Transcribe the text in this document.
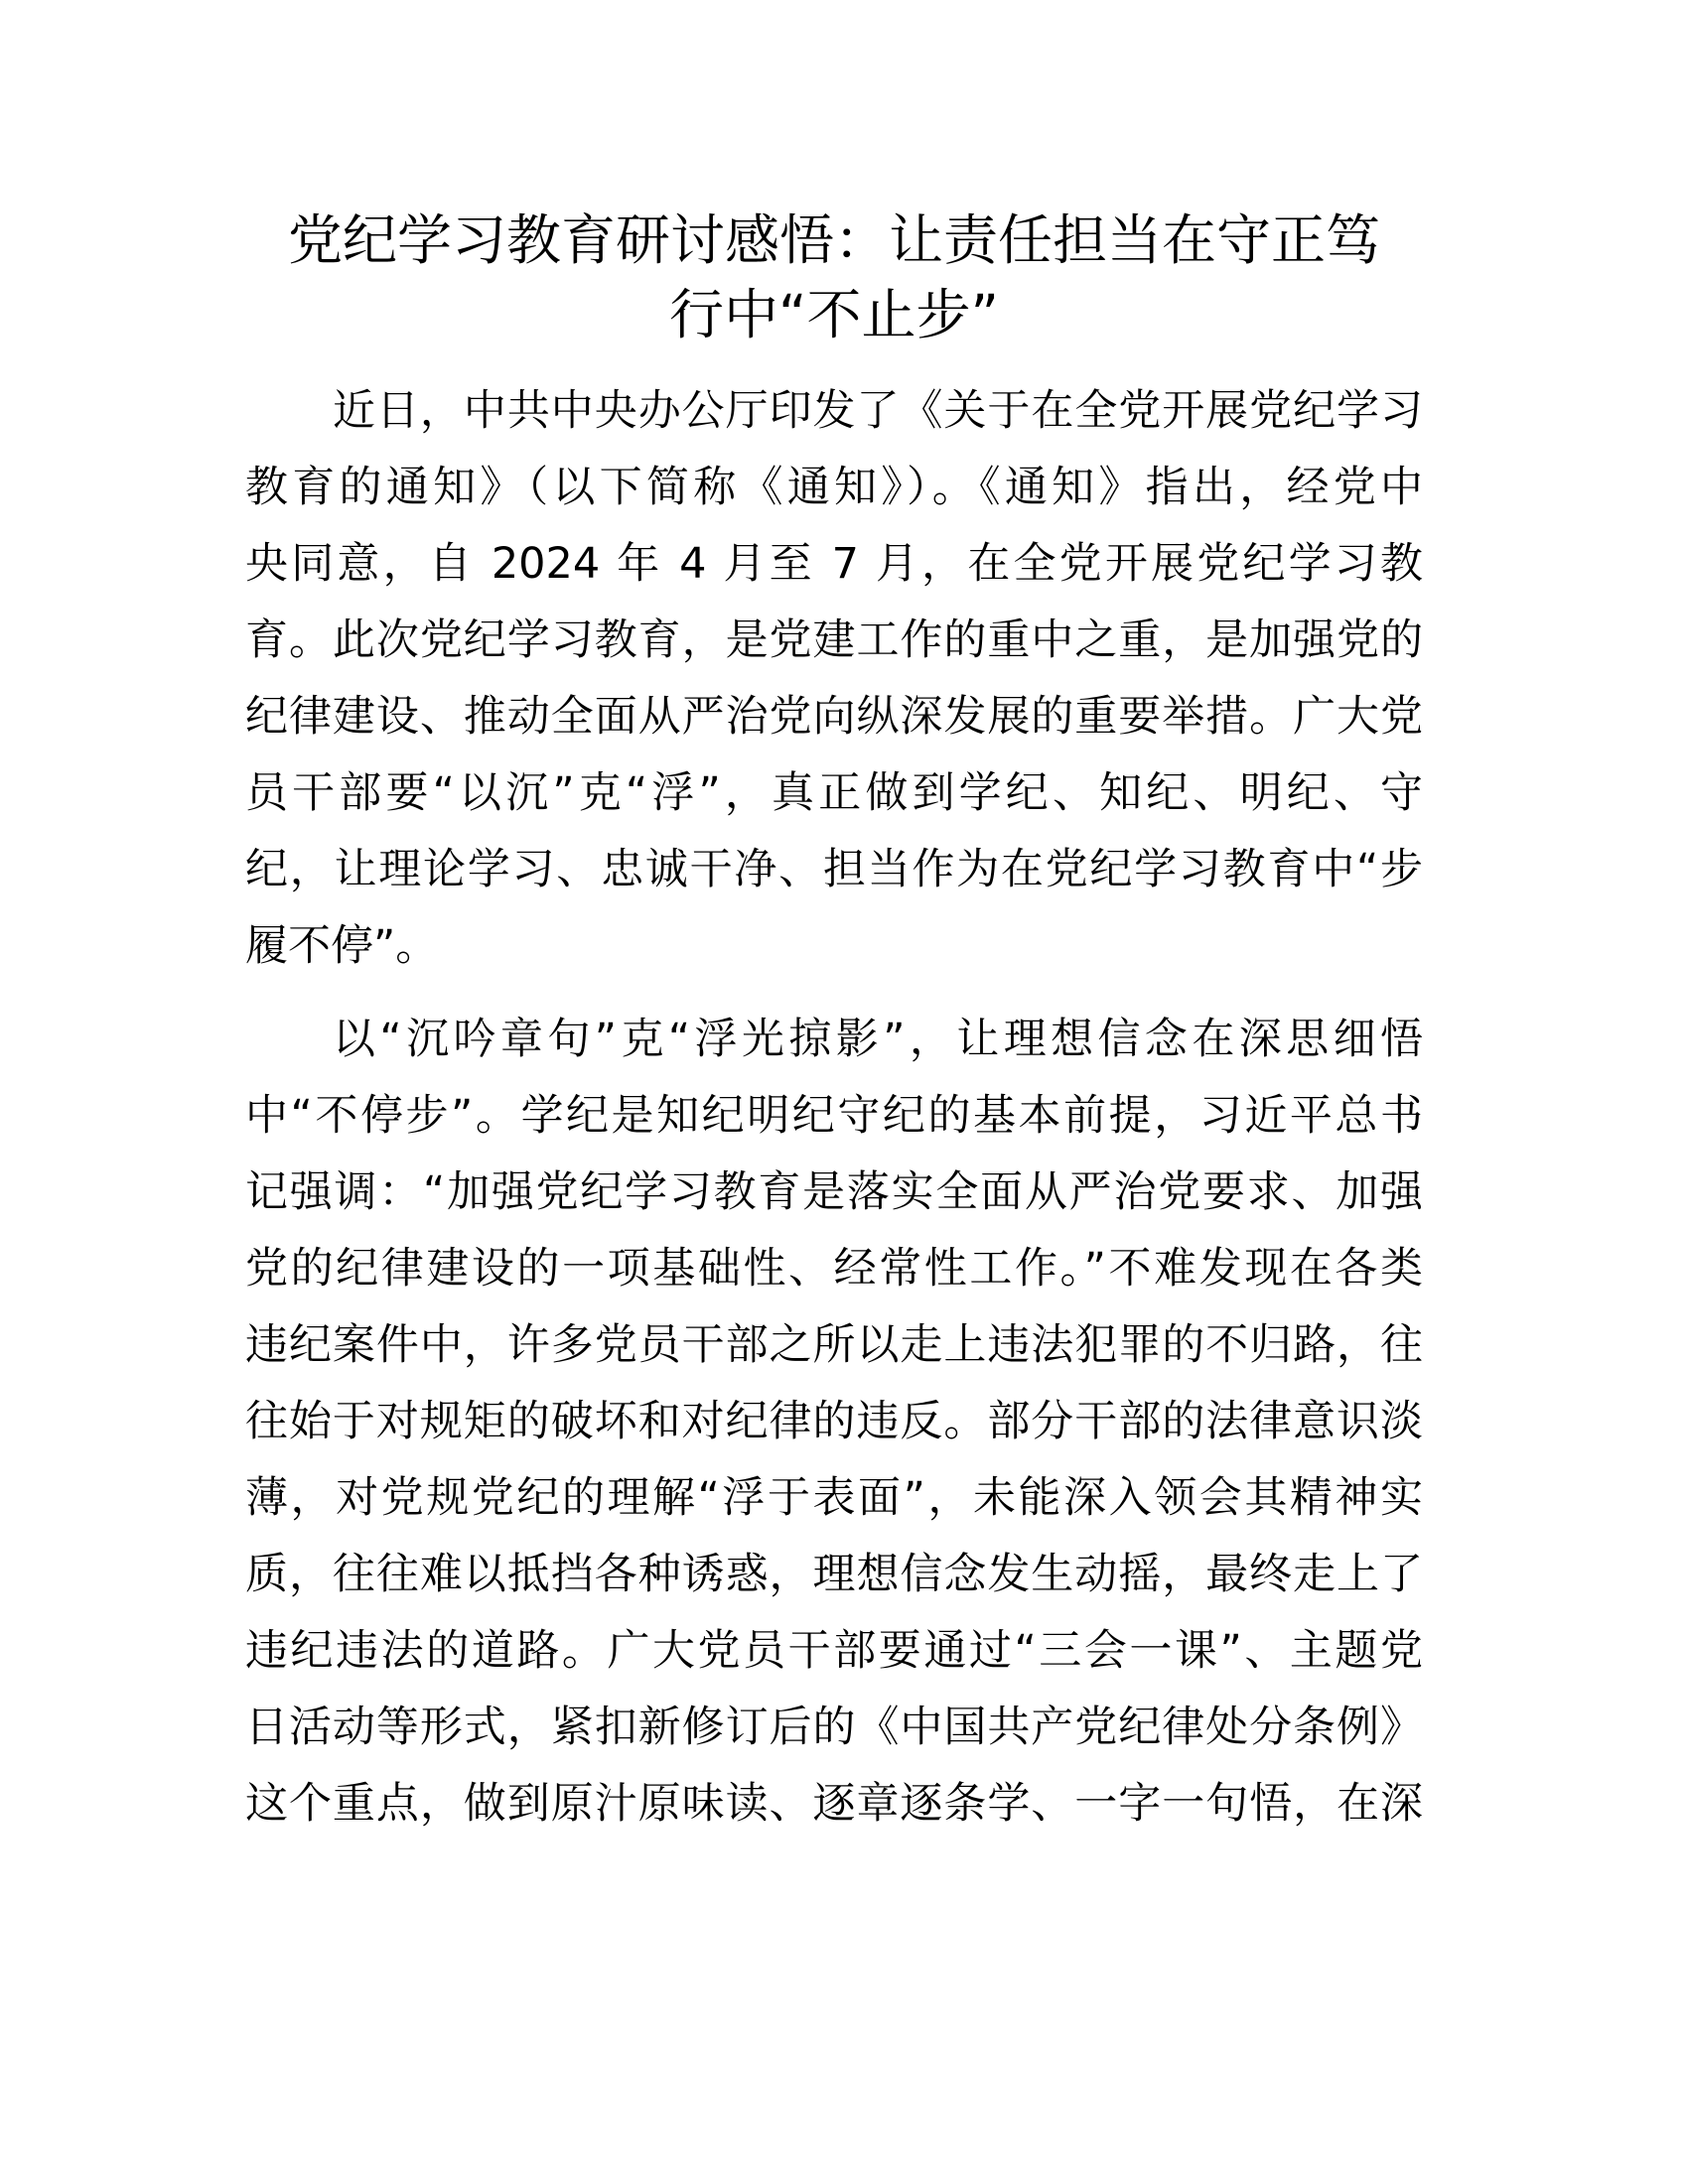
党纪学习教育研讨感悟：让责任担当在守正笃
行中“不止步”
近日，中共中央办公厅印发了《关于在全党开展党纪学习
教育的通知》（以下简称《通知》）。《通知》指出，经党中
央同意，自 2024 年 4 月至 7 月，在全党开展党纪学习教
育。此次党纪学习教育，是党建工作的重中之重，是加强党的
纪律建设、推动全面从严治党向纵深发展的重要举措。广大党
员干部要“以沉”克“浮”，真正做到学纪、知纪、明纪、守
纪，让理论学习、忠诚干净、担当作为在党纪学习教育中“步
履不停”。
以“沉吟章句”克“浮光掠影”，让理想信念在深思细悟
中“不停步”。学纪是知纪明纪守纪的基本前提，习近平总书
记强调：“加强党纪学习教育是落实全面从严治党要求、加强
党的纪律建设的一项基础性、经常性工作。”不难发现在各类
违纪案件中，许多党员干部之所以走上违法犯罪的不归路，往
往始于对规矩的破坏和对纪律的违反。部分干部的法律意识淡
薄，对党规党纪的理解“浮于表面”，未能深入领会其精神实
质，往往难以抵挡各种诱惑，理想信念发生动摇，最终走上了
违纪违法的道路。广大党员干部要通过“三会一课”、主题党
日活动等形式，紧扣新修订后的《中国共产党纪律处分条例》
这个重点，做到原汁原味读、逐章逐条学、一字一句悟，在深
